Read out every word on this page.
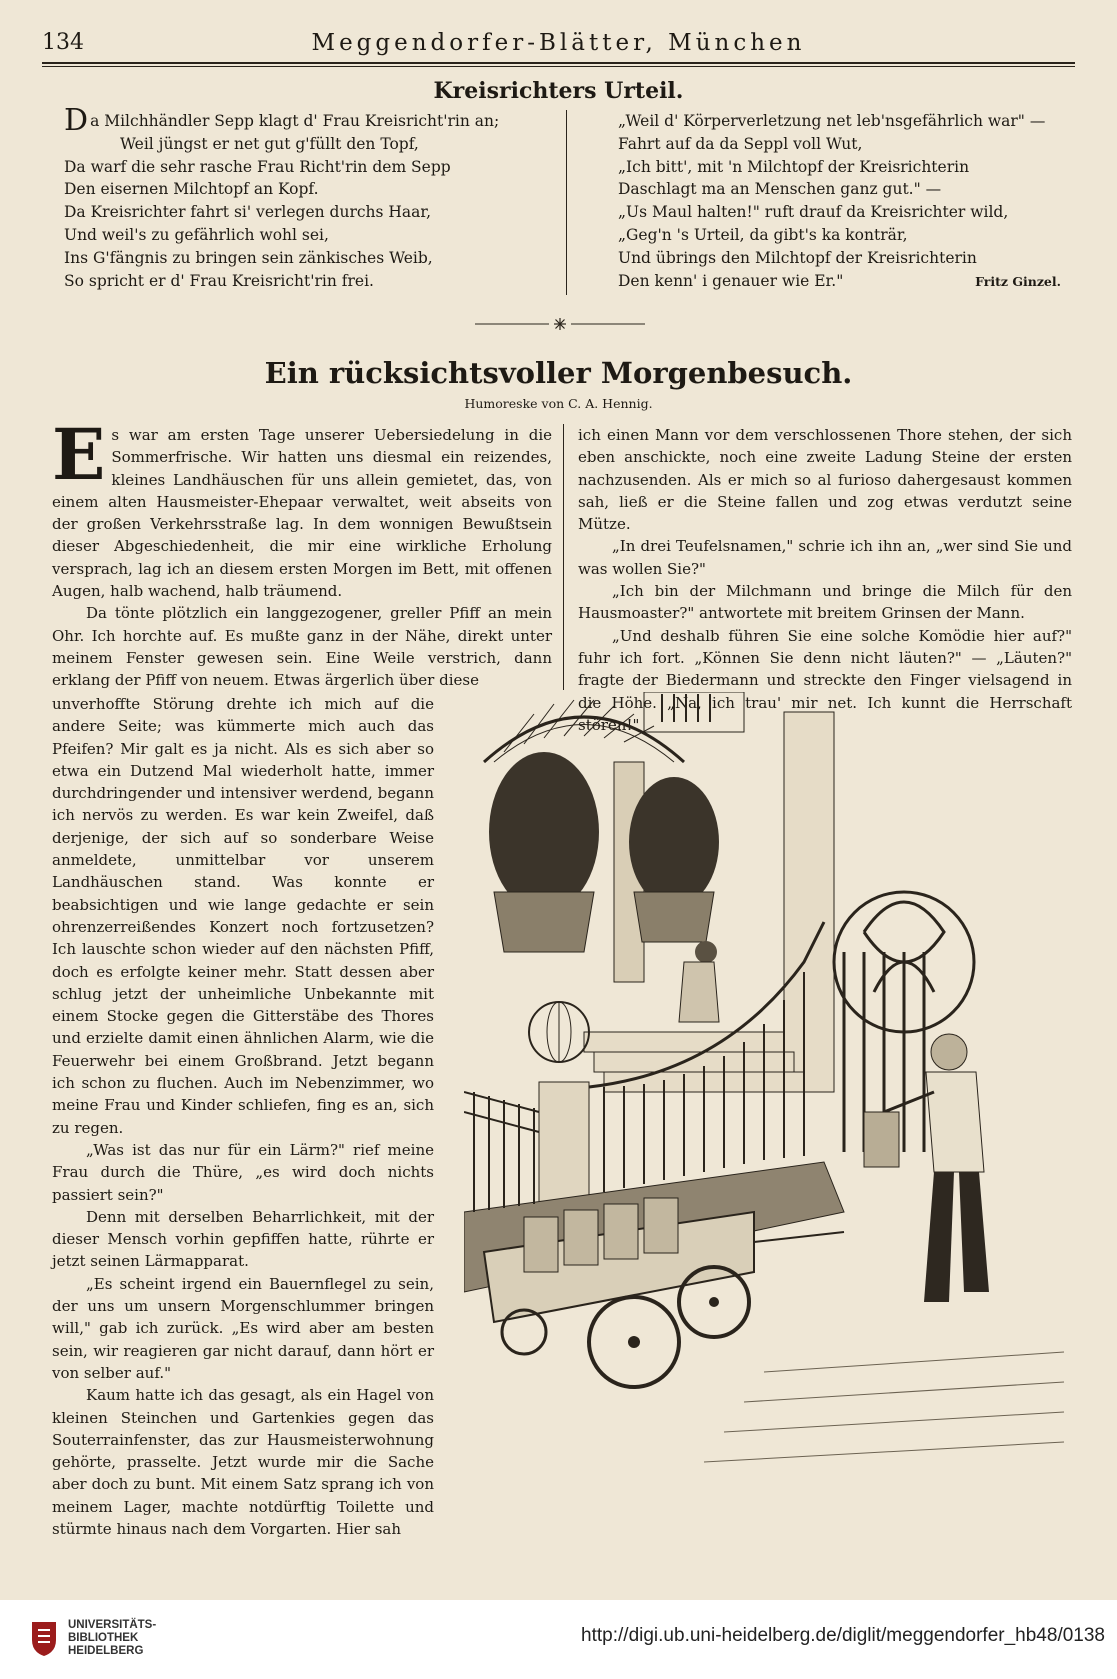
134	Meggendorfer-Blätter, München
Kreisrichters Urteil.
Da Milchhändler Sepp klagt d' Frau Kreisricht'rin an;
Weil jüngst er net gut g'füllt den Topf,
Da warf die sehr rasche Frau Richt'rin dem Sepp
Den eisernen Milchtopf an Kopf.
Da Kreisrichter fahrt si' verlegen durchs Haar,
Und weil's zu gefährlich wohl sei,
Ins G'fängnis zu bringen sein zänkisches Weib,
So spricht er d' Frau Kreisricht'rin frei.
„Weil d' Körperverletzung net leb'nsgefährlich war" —
Fahrt auf da da Seppl voll Wut,
„Ich bitt', mit 'n Milchtopf der Kreisrichterin
Daschlagt ma an Menschen ganz gut." —
„Us Maul halten!" ruft drauf da Kreisrichter wild,
„Geg'n 's Urteil, da gibt's ka konträr,
Und übrings den Milchtopf der Kreisrichterin
Den kenn' i genauer wie Er."	Fritz Ginzel.
Ein rücksichtsvoller Morgenbesuch.
Humoreske von C. A. Hennig.

Es war am ersten Tage unserer Uebersiedelung in die Sommerfrische. Wir hatten uns diesmal ein reizendes, kleines Landhäuschen für uns allein gemietet, das, von einem alten Hausmeister-Ehepaar verwaltet, weit abseits von der großen Verkehrsstraße lag. In dem wonnigen Bewußtsein dieser Abgeschiedenheit, die mir eine wirkliche Erholung versprach, lag ich an diesem ersten Morgen im Bett, mit offenen Augen, halb wachend, halb träumend.

Da tönte plötzlich ein langgezogener, greller Pfiff an mein Ohr. Ich horchte auf. Es mußte ganz in der Nähe, direkt unter meinem Fenster gewesen sein. Eine Weile verstrich, dann erklang der Pfiff von neuem. Etwas ärgerlich über diese

unverhoffte Störung drehte ich mich auf die andere Seite; was kümmerte mich auch das Pfeifen? Mir galt es ja nicht. Als es sich aber so etwa ein Dutzend Mal wiederholt hatte, immer durchdringender und intensiver werdend, begann ich nervös zu werden. Es war kein Zweifel, daß derjenige, der sich auf so sonderbare Weise anmeldete, unmittelbar vor unserem Landhäuschen stand. Was konnte er beabsichtigen und wie lange gedachte er sein ohrenzerreißendes Konzert noch fortzusetzen? Ich lauschte schon wieder auf den nächsten Pfiff, doch es erfolgte keiner mehr. Statt dessen aber schlug jetzt der unheimliche Unbekannte mit einem Stocke gegen die Gitterstäbe des Thores und erzielte damit einen ähnlichen Alarm, wie die Feuerwehr bei einem Großbrand. Jetzt begann ich schon zu fluchen. Auch im Nebenzimmer, wo meine Frau und Kinder schliefen, fing es an, sich zu regen.

„Was ist das nur für ein Lärm?" rief meine Frau durch die Thüre, „es wird doch nichts passiert sein?"

Denn mit derselben Beharrlichkeit, mit der dieser Mensch vorhin gepfiffen hatte, rührte er jetzt seinen Lärmapparat.

„Es scheint irgend ein Bauernflegel zu sein, der uns um unsern Morgenschlummer bringen will," gab ich zurück. „Es wird aber am besten sein, wir reagieren gar nicht darauf, dann hört er von selber auf."

Kaum hatte ich das gesagt, als ein Hagel von kleinen Steinchen und Gartenkies gegen das Souterrainfenster, das zur Hausmeisterwohnung gehörte, prasselte. Jetzt wurde mir die Sache aber doch zu bunt. Mit einem Satz sprang ich von meinem Lager, machte notdürftig Toilette und stürmte hinaus nach dem Vorgarten. Hier sah

ich einen Mann vor dem verschlossenen Thore stehen, der sich eben anschickte, noch eine zweite Ladung Steine der ersten nachzusenden. Als er mich so al furioso dahergesaust kommen sah, ließ er die Steine fallen und zog etwas verdutzt seine Mütze.

„In drei Teufelsnamen," schrie ich ihn an, „wer sind Sie und was wollen Sie?"

„Ich bin der Milchmann und bringe die Milch für den Hausmoaster?" antwortete mit breitem Grinsen der Mann.

„Und deshalb führen Sie eine solche Komödie hier auf?" fuhr ich fort. „Können Sie denn nicht läuten?" — „Läuten?" fragte der Biedermann und streckte den Finger vielsagend in die Höhe. „Na, ich trau' mir net. Ich kunnt die Herrschaft stören!"

UNIVERSITÄTS-
BIBLIOTHEK
HEIDELBERG
http://digi.ub.uni-heidelberg.de/diglit/meggendorfer_hb48/0138
